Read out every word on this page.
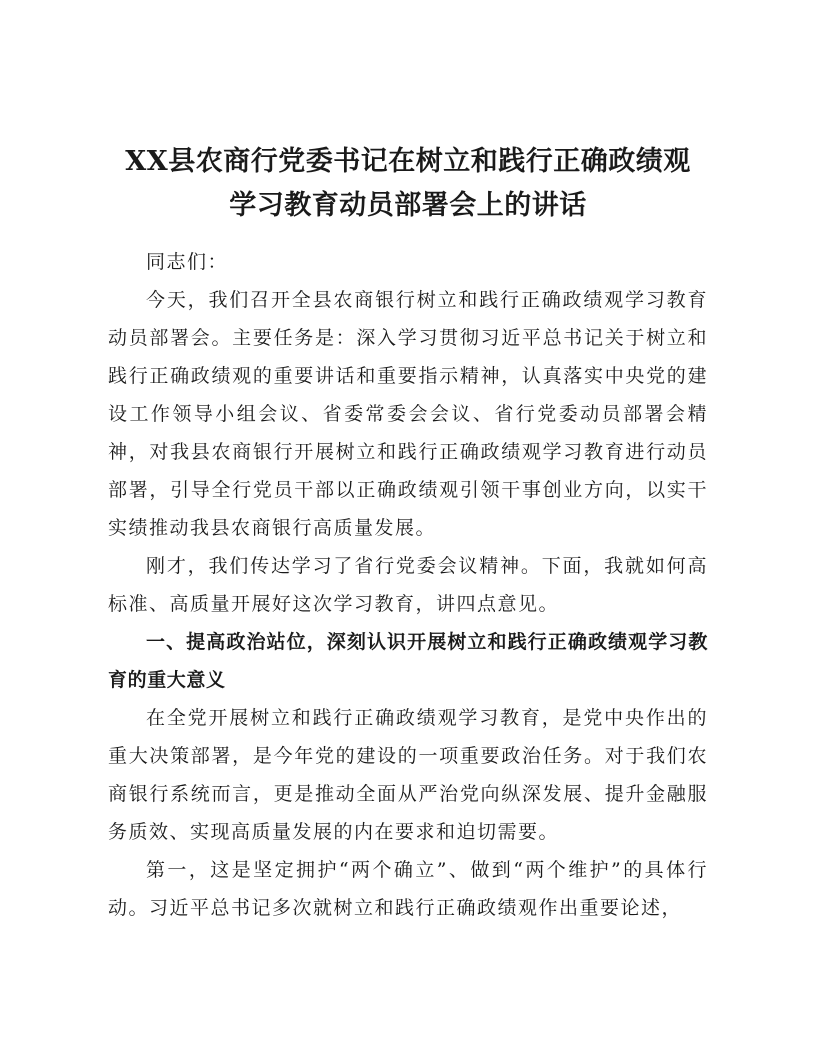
XX县农商行党委书记在树立和践行正确政绩观
学习教育动员部署会上的讲话

同志们：

今天，我们召开全县农商银行树立和践行正确政绩观学习教育动员部署会。主要任务是：深入学习贯彻习近平总书记关于树立和践行正确政绩观的重要讲话和重要指示精神，认真落实中央党的建设工作领导小组会议、省委常委会会议、省行党委动员部署会精神，对我县农商银行开展树立和践行正确政绩观学习教育进行动员部署，引导全行党员干部以正确政绩观引领干事创业方向，以实干实绩推动我县农商银行高质量发展。

刚才，我们传达学习了省行党委会议精神。下面，我就如何高标准、高质量开展好这次学习教育，讲四点意见。

一、提高政治站位，深刻认识开展树立和践行正确政绩观学习教育的重大意义

在全党开展树立和践行正确政绩观学习教育，是党中央作出的重大决策部署，是今年党的建设的一项重要政治任务。对于我们农商银行系统而言，更是推动全面从严治党向纵深发展、提升金融服务质效、实现高质量发展的内在要求和迫切需要。

第一，这是坚定拥护“两个确立”、做到“两个维护”的具体行动。习近平总书记多次就树立和践行正确政绩观作出重要论述，
